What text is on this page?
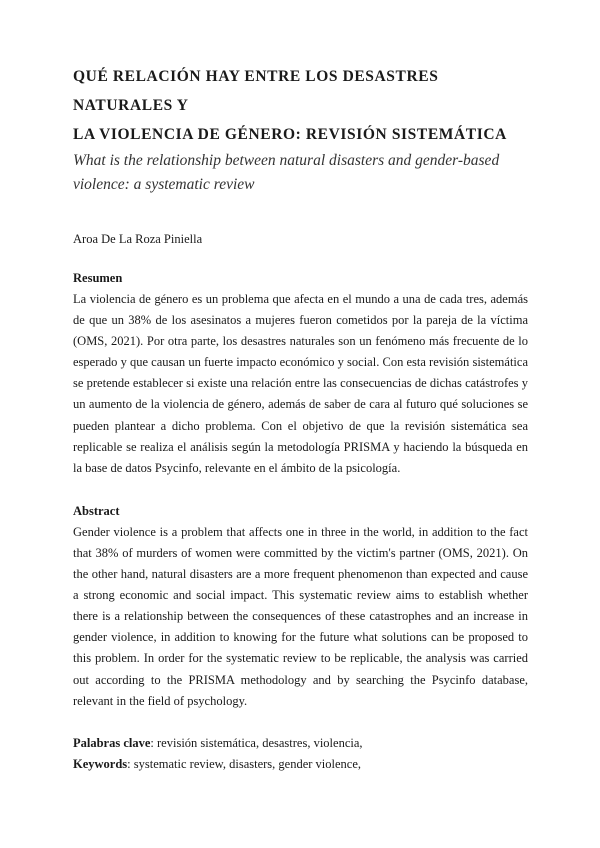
QUÉ RELACIÓN HAY ENTRE LOS DESASTRES NATURALES Y
LA VIOLENCIA DE GÉNERO: REVISIÓN SISTEMÁTICA

What is the relationship between natural disasters and gender-based violence: a systematic review

Aroa De La Roza Piniella

Resumen

La violencia de género es un problema que afecta en el mundo a una de cada tres, además de que un 38% de los asesinatos a mujeres fueron cometidos por la pareja de la víctima (OMS, 2021). Por otra parte, los desastres naturales son un fenómeno más frecuente de lo esperado y que causan un fuerte impacto económico y social. Con esta revisión sistemática se pretende establecer si existe una relación entre las consecuencias de dichas catástrofes y un aumento de la violencia de género, además de saber de cara al futuro qué soluciones se pueden plantear a dicho problema. Con el objetivo de que la revisión sistemática sea replicable se realiza el análisis según la metodología PRISMA y haciendo la búsqueda en la base de datos Psycinfo, relevante en el ámbito de la psicología.

Abstract

Gender violence is a problem that affects one in three in the world, in addition to the fact that 38% of murders of women were committed by the victim's partner (OMS, 2021). On the other hand, natural disasters are a more frequent phenomenon than expected and cause a strong economic and social impact. This systematic review aims to establish whether there is a relationship between the consequences of these catastrophes and an increase in gender violence, in addition to knowing for the future what solutions can be proposed to this problem. In order for the systematic review to be replicable, the analysis was carried out according to the PRISMA methodology and by searching the Psycinfo database, relevant in the field of psychology.

Palabras clave: revisión sistemática, desastres, violencia,

Keywords: systematic review, disasters, gender violence,
